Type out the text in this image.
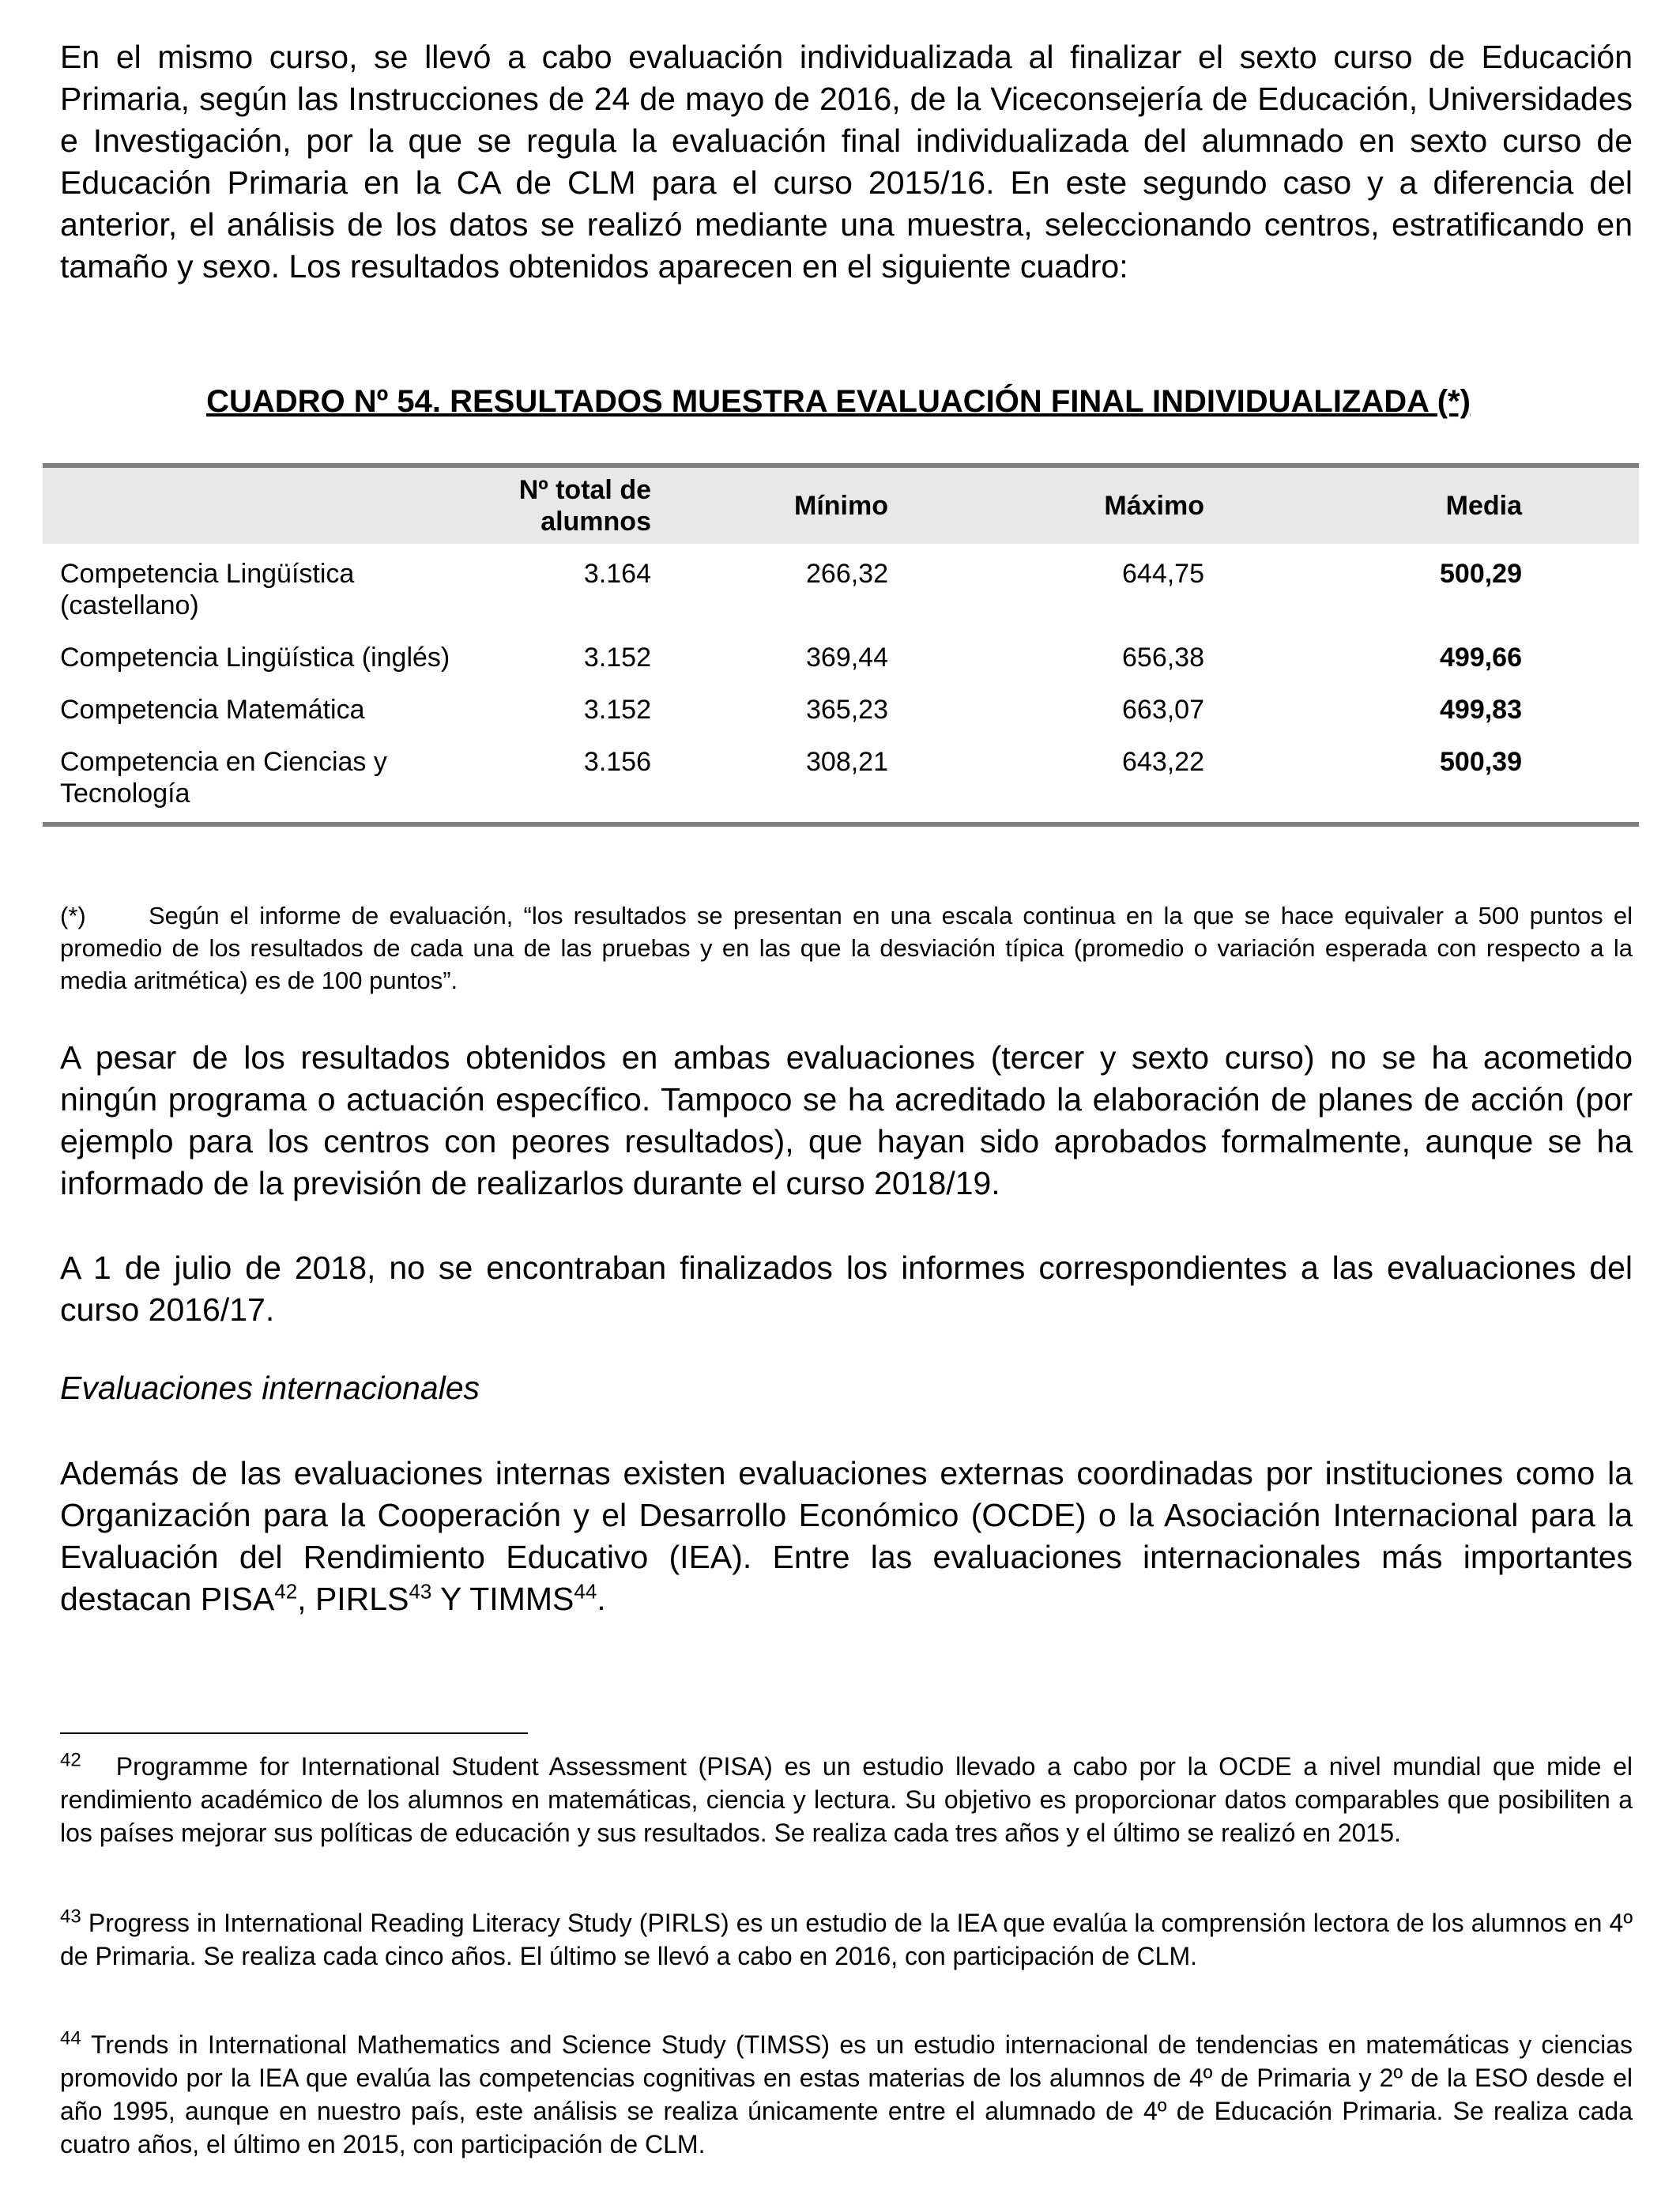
En el mismo curso, se llevó a cabo evaluación individualizada al finalizar el sexto curso de Educación Primaria, según las Instrucciones de 24 de mayo de 2016, de la Viceconsejería de Educación, Universidades e Investigación, por la que se regula la evaluación final individualizada del alumnado en sexto curso de Educación Primaria en la CA de CLM para el curso 2015/16. En este segundo caso y a diferencia del anterior, el análisis de los datos se realizó mediante una muestra, seleccionando centros, estratificando en tamaño y sexo. Los resultados obtenidos aparecen en el siguiente cuadro:

CUADRO Nº 54. RESULTADOS MUESTRA EVALUACIÓN FINAL INDIVIDUALIZADA (*)

	Nº total de alumnos	Mínimo	Máximo	Media
Competencia Lingüística (castellano)	3.164	266,32	644,75	500,29
Competencia Lingüística (inglés)	3.152	369,44	656,38	499,66
Competencia Matemática	3.152	365,23	663,07	499,83
Competencia en Ciencias y Tecnología	3.156	308,21	643,22	500,39

(*)	Según el informe de evaluación, “los resultados se presentan en una escala continua en la que se hace equivaler a 500 puntos el promedio de los resultados de cada una de las pruebas y en las que la desviación típica (promedio o variación esperada con respecto a la media aritmética) es de 100 puntos”.

A pesar de los resultados obtenidos en ambas evaluaciones (tercer y sexto curso) no se ha acometido ningún programa o actuación específico. Tampoco se ha acreditado la elaboración de planes de acción (por ejemplo para los centros con peores resultados), que hayan sido aprobados formalmente, aunque se ha informado de la previsión de realizarlos durante el curso 2018/19.

A 1 de julio de 2018, no se encontraban finalizados los informes correspondientes a las evaluaciones del curso 2016/17.

Evaluaciones internacionales

Además de las evaluaciones internas existen evaluaciones externas coordinadas por instituciones como la Organización para la Cooperación y el Desarrollo Económico (OCDE) o la Asociación Internacional para la Evaluación del Rendimiento Educativo (IEA). Entre las evaluaciones internacionales más importantes destacan PISA$^{42}$, PIRLS$^{43}$ Y TIMMS$^{44}$.

$^{42}$ Programme for International Student Assessment (PISA) es un estudio llevado a cabo por la OCDE a nivel mundial que mide el rendimiento académico de los alumnos en matemáticas, ciencia y lectura. Su objetivo es proporcionar datos comparables que posibiliten a los países mejorar sus políticas de educación y sus resultados. Se realiza cada tres años y el último se realizó en 2015.

$^{43}$ Progress in International Reading Literacy Study (PIRLS) es un estudio de la IEA que evalúa la comprensión lectora de los alumnos en 4º de Primaria. Se realiza cada cinco años. El último se llevó a cabo en 2016, con participación de CLM.

$^{44}$ Trends in International Mathematics and Science Study (TIMSS) es un estudio internacional de tendencias en matemáticas y ciencias promovido por la IEA que evalúa las competencias cognitivas en estas materias de los alumnos de 4º de Primaria y 2º de la ESO desde el año 1995, aunque en nuestro país, este análisis se realiza únicamente entre el alumnado de 4º de Educación Primaria. Se realiza cada cuatro años, el último en 2015, con participación de CLM.
